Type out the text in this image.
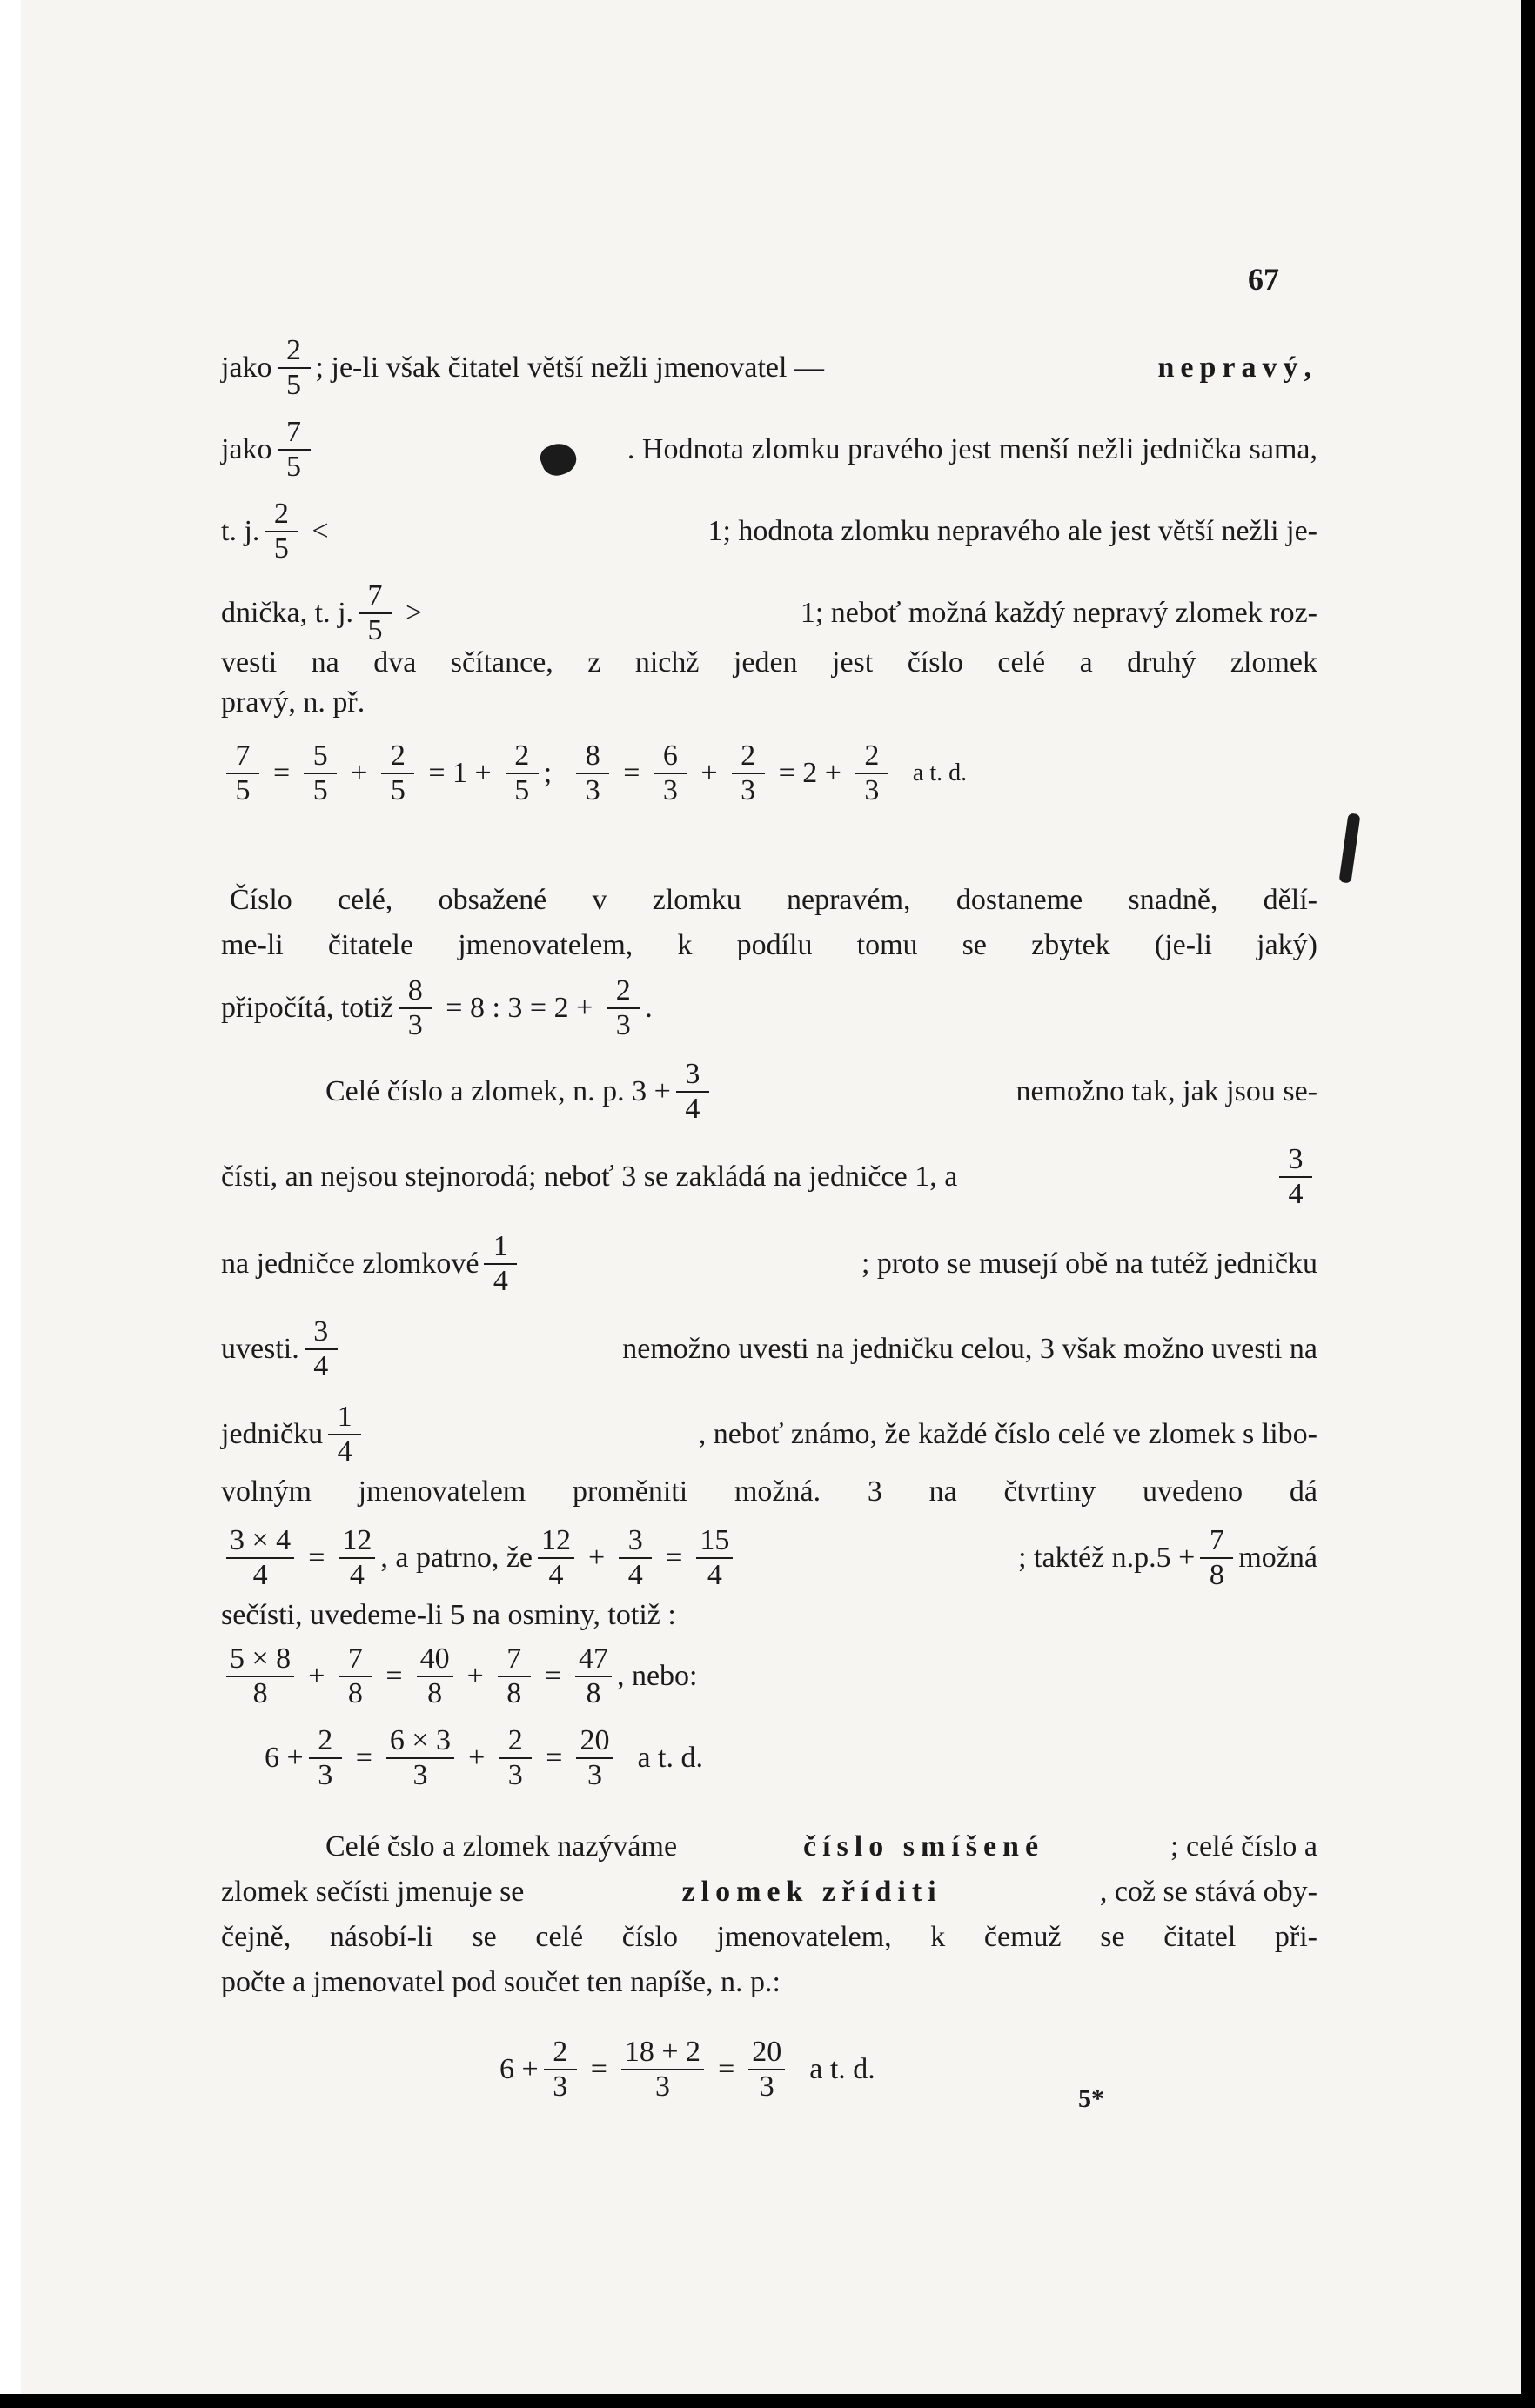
67
jako $\frac{2}{5}$ ; je-li však čitatel větší nežli jmenovatel —	nepravý,
jako $\frac{7}{5}$	. Hodnota zlomku pravého jest menší nežli jednička sama,
t. j. $\frac{2}{5}$ <	1; hodnota zlomku nepravého ale jest větší nežli je-
dnička, t. j. $\frac{7}{5}$ >	1; neboť možná každý nepravý zlomek roz-
vesti na dva sčítance, z nichž jeden jest číslo celé a druhý zlomek
pravý, n. př.
$\frac{7}{5} = \frac{5}{5} + \frac{2}{5} = 1 + \frac{2}{5}$ ; $\frac{8}{3} = \frac{6}{3} + \frac{2}{3} = 2 + \frac{2}{3}$ a t. d.
Číslo celé, obsažené v zlomku nepravém, dostaneme snadně, dělí-
me-li čitatele jmenovatelem, k podílu tomu se zbytek (je-li jaký)
připočítá, totiž $\frac{8}{3} = 8$ : $3 = 2 + \frac{2}{3}$ .
Celé číslo a zlomek, n. p. $3 + \frac{3}{4}$	nemožno tak, jak jsou se-
čísti, an nejsou stejnorodá; neboť 3 se zakládá na jedničce 1, a	$\frac{3}{4}$
na jedničce zlomkové $\frac{1}{4}$	; proto se musejí obě na tutéž jedničku
uvesti. $\frac{3}{4}$	nemožno uvesti na jedničku celou, 3 však možno uvesti na
jedničku $\frac{1}{4}$	, neboť známo, že každé číslo celé ve zlomek s libo-
volným jmenovatelem proměniti možná. 3 na čtvrtiny uvedeno dá
$\frac{3 \times 4}{4} = \frac{12}{4}$ , a patrno, že $\frac{12}{4} + \frac{3}{4} = \frac{15}{4}$	; taktéž $n.p.5 + \frac{7}{8}$ možná
sečísti, uvedeme-li 5 na osminy, totiž :
$\frac{5 \times 8}{8} + \frac{7}{8} = \frac{40}{8} + \frac{7}{8} = \frac{47}{8}$ , nebo:
$6 + \frac{2}{3} = \frac{6 \times 3}{3} + \frac{2}{3} = \frac{20}{3}$ a t. d.
Celé čslo a zlomek nazýváme	číslo smíšené	; celé číslo a
zlomek sečísti jmenuje se	zlomek zříditi	, což se stává oby-
čejně, násobí-li se celé číslo jmenovatelem, k čemuž se čitatel při-
počte a jmenovatel pod součet ten napíše, n. p.:
$6 + \frac{2}{3} = \frac{18 + 2}{3} = \frac{20}{3}$ a t. d.
5*
